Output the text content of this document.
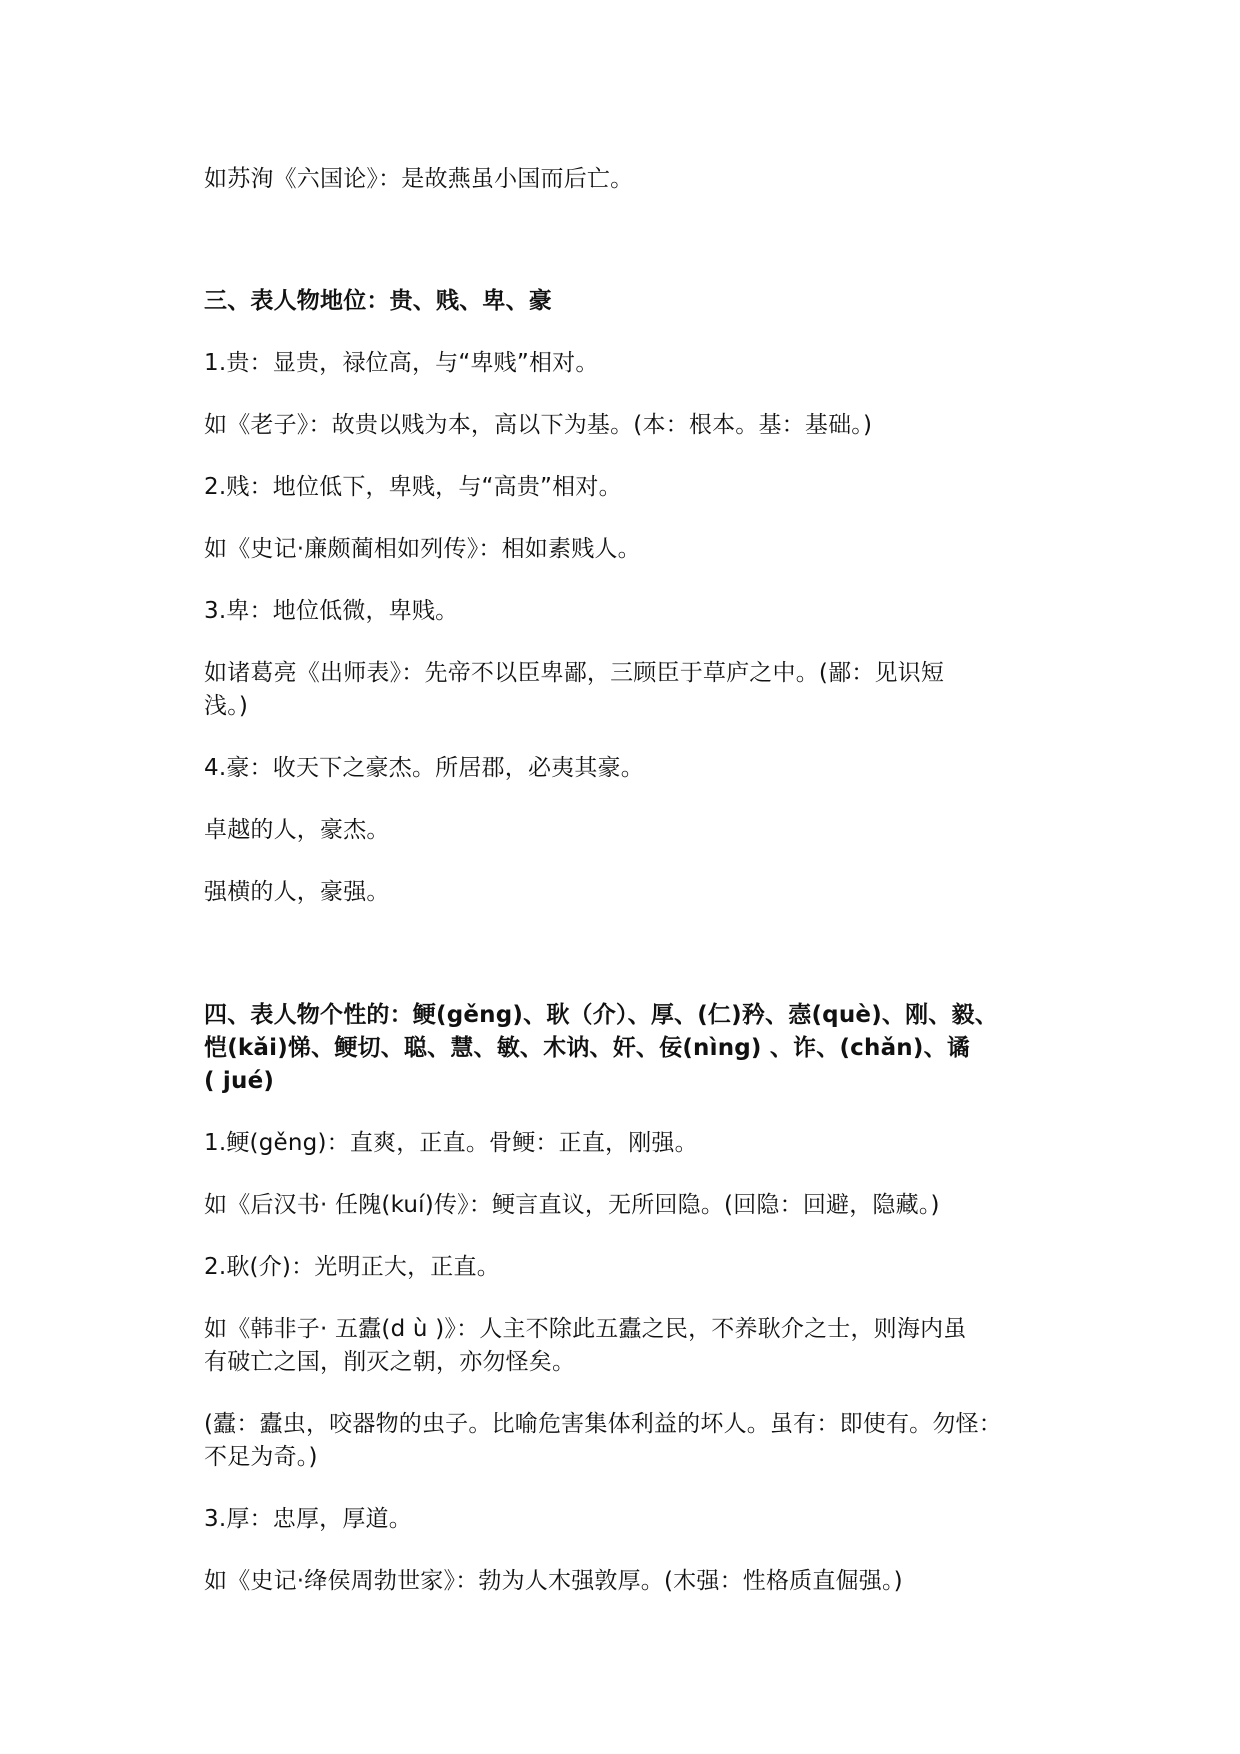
如苏洵《六国论》：是故燕虽小国而后亡。
三、表人物地位：贵、贱、卑、豪
1.贵：显贵，禄位高，与“卑贱”相对。
如《老子》：故贵以贱为本，高以下为基。(本：根本。基：基础。)
2.贱：地位低下，卑贱，与“高贵”相对。
如《史记·廉颇蔺相如列传》：相如素贱人。
3.卑：地位低微，卑贱。
如诸葛亮《出师表》：先帝不以臣卑鄙，三顾臣于草庐之中。(鄙：见识短
浅。)
4.豪：收天下之豪杰。所居郡，必夷其豪。
卓越的人，豪杰。
强横的人，豪强。
四、表人物个性的：鲠(gěng)、耿（介）、厚、(仁)矜、悫(què)、刚、毅、
恺(kǎi)悌、鲠切、聪、慧、敏、木讷、奸、佞(nìng) 、诈、(chǎn)、谲
( jué)
1.鲠(gěng)：直爽，正直。骨鲠：正直，刚强。
如《后汉书· 任隗(kuí)传》：鲠言直议，无所回隐。(回隐：回避，隐藏。)
2.耿(介)：光明正大，正直。
如《韩非子· 五蠹(d ù )》：人主不除此五蠹之民，不养耿介之士，则海内虽
有破亡之国，削灭之朝，亦勿怪矣。
(蠹：蠹虫，咬器物的虫子。比喻危害集体利益的坏人。虽有：即使有。勿怪：
不足为奇。)
3.厚：忠厚，厚道。
如《史记·绛侯周勃世家》：勃为人木强敦厚。(木强：性格质直倔强。)
